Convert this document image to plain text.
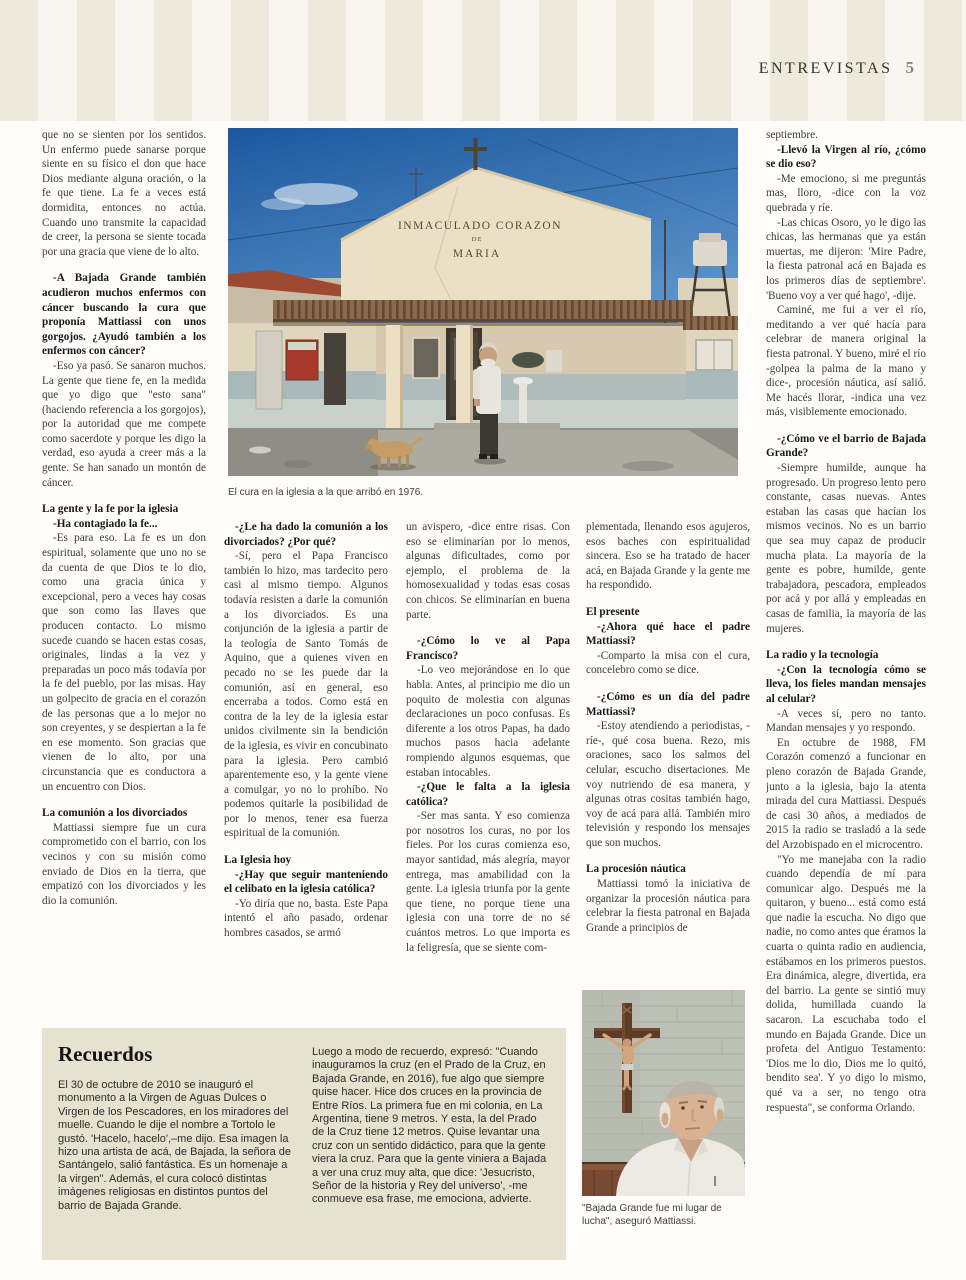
ENTREVISTAS 5

que no se sienten por los sentidos. Un enfermo puede sanarse porque siente en su físico el don que hace Dios mediante alguna oración, o la fe que tiene. La fe a veces está dormidita, entonces no actúa. Cuando uno transmite la capacidad de creer, la persona se siente tocada por una gracia que viene de lo alto.

-A Bajada Grande también acudieron muchos enfermos con cáncer buscando la cura que proponía Mattiassi con unos gorgojos. ¿Ayudó también a los enfermos con cáncer?

-Eso ya pasó. Se sanaron muchos. La gente que tiene fe, en la medida que yo digo que "esto sana" (haciendo referencia a los gorgojos), por la autoridad que me compete como sacerdote y porque les digo la verdad, eso ayuda a creer más a la gente. Se han sanado un montón de cáncer.

La gente y la fe por la iglesia

-Ha contagiado la fe...

-Es para eso. La fe es un don espiritual, solamente que uno no se da cuenta de que Dios te lo dio, como una gracia única y excepcional, pero a veces hay cosas que son como las llaves que producen contacto. Lo mismo sucede cuando se hacen estas cosas, originales, lindas a la vez y preparadas un poco más todavía por la fe del pueblo, por las misas. Hay un golpecito de gracia en el corazón de las personas que a lo mejor no son creyentes, y se despiertan a la fe en ese momento. Son gracias que vienen de lo alto, por una circunstancia que es conductora a un encuentro con Dios.

La comunión a los divorciados

Mattiassi siempre fue un cura comprometido con el barrio, con los vecinos y con su misión como enviado de Dios en la tierra, que empatizó con los divorciados y les dio la comunión.

-¿Le ha dado la comunión a los divorciados? ¿Por qué?

-Sí, pero el Papa Francisco también lo hizo, mas tardecito pero casi al mismo tiempo. Algunos todavía resisten a darle la comunión a los divorciados. Es una conjunción de la iglesia a partir de la teología de Santo Tomás de Aquino, que a quienes viven en pecado no se les puede dar la comunión, así en general, eso encerraba a todos. Como está en contra de la ley de la iglesia estar unidos civilmente sin la bendición de la iglesia, es vivir en concubinato para la iglesia. Pero cambió aparentemente eso, y la gente viene a comulgar, yo no lo prohíbo. No podemos quitarle la posibilidad de por lo menos, tener esa fuerza espiritual de la comunión.

La Iglesia hoy

-¿Hay que seguir manteniendo el celibato en la iglesia católica?

-Yo diría que no, basta. Este Papa intentó el año pasado, ordenar hombres casados, se armó

un avispero, -dice entre risas. Con eso se eliminarían por lo menos, algunas dificultades, como por ejemplo, el problema de la homosexualidad y todas esas cosas con chicos. Se eliminarían en buena parte.

-¿Cómo lo ve al Papa Francisco?

-Lo veo mejorándose en lo que habla. Antes, al principio me dio un poquito de molestia con algunas declaraciones un poco confusas. Es diferente a los otros Papas, ha dado muchos pasos hacia adelante rompiendo algunos esquemas, que estaban intocables.

-¿Que le falta a la iglesia católica?

-Ser mas santa. Y eso comienza por nosotros los curas, no por los fieles. Por los curas comienza eso, mayor santidad, más alegría, mayor entrega, mas amabilidad con la gente. La iglesia triunfa por la gente que tiene, no porque tiene una iglesia con una torre de no sé cuántos metros. Lo que importa es la feligresía, que se siente com-

plementada, llenando esos agujeros, esos baches con espiritualidad sincera. Eso se ha tratado de hacer acá, en Bajada Grande y la gente me ha respondido.

El presente

-¿Ahora qué hace el padre Mattiassi?

-Comparto la misa con el cura, concelebro como se dice.

-¿Cómo es un día del padre Mattiassi?

-Estoy atendiendo a periodistas, -ríe-, qué cosa buena. Rezo, mis oraciones, saco los salmos del celular, escucho disertaciones. Me voy nutriendo de esa manera, y algunas otras cositas también hago, voy de acá para allá. También miro televisión y respondo los mensajes que son muchos.

La procesión náutica

Mattiassi tomó la iniciativa de organizar la procesión náutica para celebrar la fiesta patronal en Bajada Grande a principios de

septiembre.

-Llevó la Virgen al río, ¿cómo se dio eso?

-Me emociono, si me preguntás mas, lloro, -dice con la voz quebrada y ríe.

-Las chicas Osoro, yo le digo las chicas, las hermanas que ya están muertas, me dijeron: 'Mire Padre, la fiesta patronal acá en Bajada es los primeros días de septiembre'. 'Bueno voy a ver qué hago', -dije.

Caminé, me fui a ver el río, meditando a ver qué hacía para celebrar de manera original la fiesta patronal. Y bueno, miré el río -golpea la palma de la mano y dice-, procesión náutica, así salió. Me hacés llorar, -indica una vez más, visiblemente emocionado.

-¿Cómo ve el barrio de Bajada Grande?

-Siempre humilde, aunque ha progresado. Un progreso lento pero constante, casas nuevas. Antes estaban las casas que hacían los mismos vecinos. No es un barrio que sea muy capaz de producir mucha plata. La mayoría de la gente es pobre, humilde, gente trabajadora, pescadora, empleados por acá y por allá y empleadas en casas de familia, la mayoría de las mujeres.

La radio y la tecnología

-¿Con la tecnología cómo se lleva, los fieles mandan mensajes al celular?

-A veces sí, pero no tanto. Mandan mensajes y yo respondo.

En octubre de 1988, FM Corazón comenzó a funcionar en pleno corazón de Bajada Grande, junto a la iglesia, bajo la atenta mirada del cura Mattiassi. Después de casi 30 años, a mediados de 2015 la radio se trasladó a la sede del Arzobispado en el microcentro.

"Yo me manejaba con la radio cuando dependía de mí para comunicar algo. Después me la quitaron, y bueno... está como está que nadie la escucha. No digo que nadie, no como antes que éramos la cuarta o quinta radio en audiencia, estábamos en los primeros puestos. Era dinámica, alegre, divertida, era del barrio. La gente se sintió muy dolida, humillada cuando la sacaron. La escuchaba todo el mundo en Bajada Grande. Dice un profeta del Antiguo Testamento: 'Dios me lo dio, Dios me lo quitó, bendito sea'. Y yo digo lo mismo, qué va a ser, no tengo otra respuesta", se conforma Orlando.

INMACULADO CORAZON
DE
MARIA
El cura en la iglesia a la que arribó en 1976.
"Bajada Grande fue mi lugar de lucha", aseguró Mattiassi.
Recuerdos
El 30 de octubre de 2010 se inauguró el monumento a la Virgen de Aguas Dulces o Virgen de los Pescadores, en los miradores del muelle. Cuando le dije el nombre a Tortolo le gustó. 'Hacelo, hacelo',–me dijo. Esa imagen la hizo una artista de acá, de Bajada, la señora de Santángelo, salió fantástica. Es un homenaje a la virgen". Además, el cura colocó distintas imágenes religiosas en distintos puntos del barrio de Bajada Grande.
Luego a modo de recuerdo, expresó: "Cuando inauguramos la cruz (en el Prado de la Cruz, en Bajada Grande, en 2016), fue algo que siempre quise hacer. Hice dos cruces en la provincia de Entre Ríos. La primera fue en mi colonia, en La Argentina, tiene 9 metros. Y esta, la del Prado de la Cruz tiene 12 metros. Quise levantar una cruz con un sentido didáctico, para que la gente viera la cruz. Para que la gente viniera a Bajada a ver una cruz muy alta, que dice: 'Jesucristo, Señor de la historia y Rey del universo', -me conmueve esa frase, me emociona, advierte.
